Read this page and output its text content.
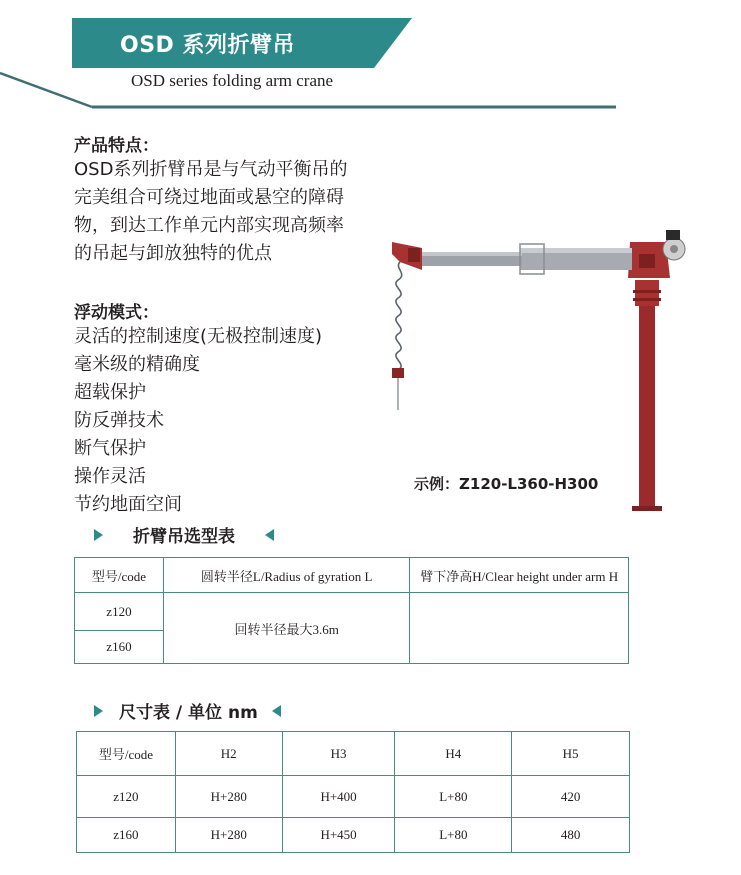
OSD 系列折臂吊
OSD series folding arm crane
产品特点：
OSD系列折臂吊是与气动平衡吊的
完美组合可绕过地面或悬空的障碍
物，到达工作单元内部实现高频率
的吊起与卸放独特的优点
浮动模式：
灵活的控制速度(无极控制速度)
毫米级的精确度
超载保护
防反弹技术
断气保护
操作灵活
节约地面空间
示例：Z120-L360-H300
折臂吊选型表
型号/code	圆转半径L/Radius of gyration L	臂下净高H/Clear height under arm H
z120	回转半径最大3.6m	
z160		
尺寸表 / 单位 nm
型号/code	H2	H3	H4	H5
z120	H+280	H+400	L+80	420
z160	H+280	H+450	L+80	480
